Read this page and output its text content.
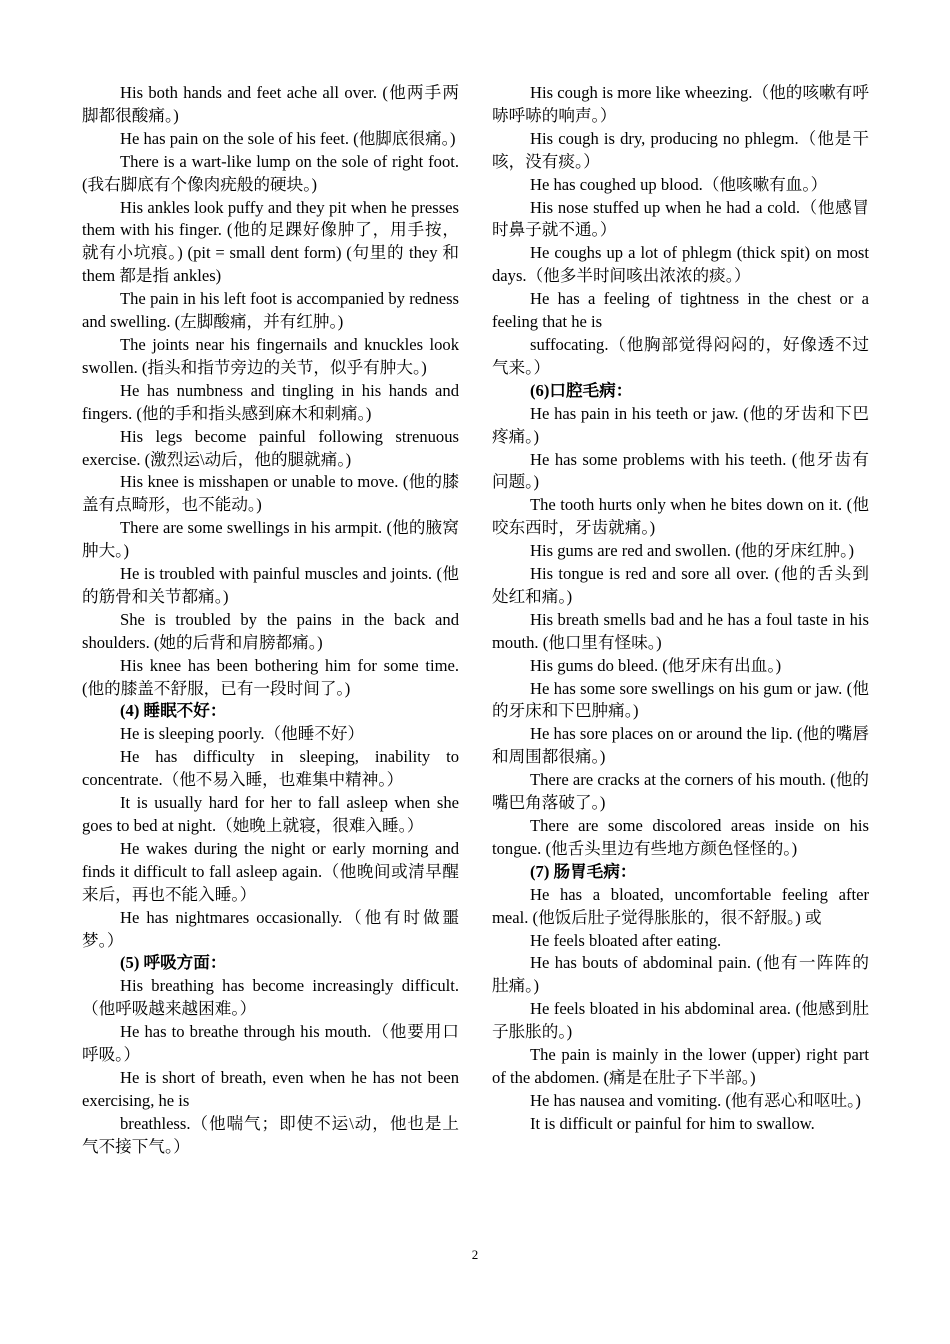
His both hands and feet ache all over. (他两手两脚都很酸痛。)

He has pain on the sole of his feet. (他脚底很痛。)

There is a wart-like lump on the sole of right foot. (我右脚底有个像肉疣般的硬块。)

His ankles look puffy and they pit when he presses them with his finger. (他的足踝好像肿了，用手按，就有小坑痕。) (pit = small dent form) (句里的 they 和 them 都是指 ankles)

The pain in his left foot is accompanied by redness and swelling. (左脚酸痛，并有红肿。)

The joints near his fingernails and knuckles look swollen. (指头和指节旁边的关节，似乎有肿大。)

He has numbness and tingling in his hands and fingers. (他的手和指头感到麻木和刺痛。)

His legs become painful following strenuous exercise. (激烈运\动后，他的腿就痛。)

His knee is misshapen or unable to move. (他的膝盖有点畸形，也不能动。)

There are some swellings in his armpit. (他的腋窝肿大。)

He is troubled with painful muscles and joints. (他的筋骨和关节都痛。)

She is troubled by the pains in the back and shoulders. (她的后背和肩膀都痛。)

His knee has been bothering him for some time. (他的膝盖不舒服，已有一段时间了。)

(4) 睡眠不好：

He is sleeping poorly.（他睡不好）

He has difficulty in sleeping, inability to concentrate.（他不易入睡，也难集中精神。）

It is usually hard for her to fall asleep when she goes to bed at night.（她晚上就寝，很难入睡。）

He wakes during the night or early morning and finds it difficult to fall asleep again.（他晚间或清早醒来后，再也不能入睡。）

He has nightmares occasionally.（他有时做噩梦。）

(5) 呼吸方面：

His breathing has become increasingly difficult.（他呼吸越来越困难。）

He has to breathe through his mouth.（他要用口呼吸。）

He is short of breath, even when he has not been exercising, he is

breathless.（他喘气；即使不运\动，他也是上气不接下气。）

His cough is more like wheezing.（他的咳嗽有呼哧呼哧的响声。）

His cough is dry, producing no phlegm.（他是干咳，没有痰。）

He has coughed up blood.（他咳嗽有血。）

His nose stuffed up when he had a cold.（他感冒时鼻子就不通。）

He coughs up a lot of phlegm (thick spit) on most days.（他多半时间咳出浓浓的痰。）

He has a feeling of tightness in the chest or a feeling that he is

suffocating.（他胸部觉得闷闷的，好像透不过气来。）

(6)口腔毛病：

He has pain in his teeth or jaw. (他的牙齿和下巴疼痛。)

He has some problems with his teeth. (他牙齿有问题。)

The tooth hurts only when he bites down on it. (他咬东西时，牙齿就痛。)

His gums are red and swollen. (他的牙床红肿。)

His tongue is red and sore all over. (他的舌头到处红和痛。)

His breath smells bad and he has a foul taste in his mouth. (他口里有怪味。)

His gums do bleed. (他牙床有出血。)

He has some sore swellings on his gum or jaw. (他的牙床和下巴肿痛。)

He has sore places on or around the lip. (他的嘴唇和周围都很痛。)

There are cracks at the corners of his mouth. (他的嘴巴角落破了。)

There are some discolored areas inside on his tongue. (他舌头里边有些地方颜色怪怪的。)

(7) 肠胃毛病：

He has a bloated, uncomfortable feeling after meal. (他饭后肚子觉得胀胀的，很不舒服。) 或

He feels bloated after eating.

He has bouts of abdominal pain. (他有一阵阵的肚痛。)

He feels bloated in his abdominal area. (他感到肚子胀胀的。)

The pain is mainly in the lower (upper) right part of the abdomen. (痛是在肚子下半部。)

He has nausea and vomiting. (他有恶心和呕吐。)

It is difficult or painful for him to swallow.

2
